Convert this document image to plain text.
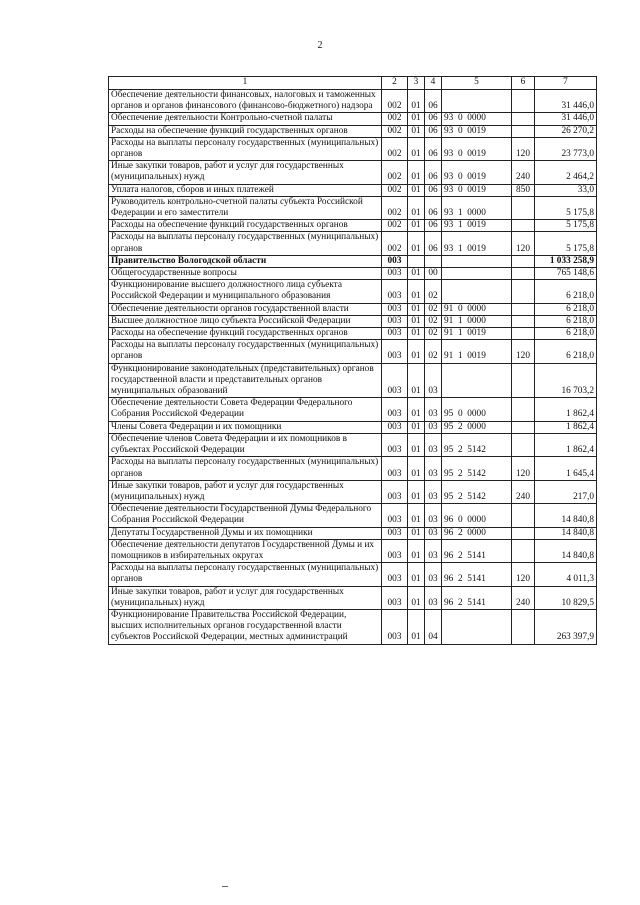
2
1	2	3	4	5	6	7
Обеспечение деятельности финансовых, налоговых и таможенных органов и органов финансового (финансово-бюджетного) надзора	002	01	06			31 446,0
Обеспечение деятельности Контрольно-счетной палаты	002	01	06	93  0  0000		31 446,0
Расходы на обеспечение функций государственных органов	002	01	06	93  0  0019		26 270,2
Расходы на выплаты персоналу государственных (муниципальных) органов	002	01	06	93  0  0019	120	23 773,0
Иные закупки товаров, работ и услуг для государственных (муниципальных) нужд	002	01	06	93  0  0019	240	2 464,2
Уплата налогов, сборов и иных платежей	002	01	06	93  0  0019	850	33,0
Руководитель контрольно-счетной палаты субъекта Российской Федерации и его заместители	002	01	06	93  1  0000		5 175,8
Расходы на обеспечение функций государственных органов	002	01	06	93  1  0019		5 175,8
Расходы на выплаты персоналу государственных (муниципальных) органов	002	01	06	93  1  0019	120	5 175,8
Правительство Вологодской области	003					1 033 258,9
Общегосударственные вопросы	003	01	00			765 148,6
Функционирование высшего должностного лица субъекта Российской Федерации и муниципального образования	003	01	02			6 218,0
Обеспечение деятельности органов государственной власти	003	01	02	91  0  0000		6 218,0
Высшее должностное лицо субъекта Российской Федерации	003	01	02	91  1  0000		6 218,0
Расходы на обеспечение функций государственных органов	003	01	02	91  1  0019		6 218,0
Расходы на выплаты персоналу государственных (муниципальных) органов	003	01	02	91  1  0019	120	6 218,0
Функционирование законодательных (представительных) органов государственной власти и представительных органов муниципальных образований	003	01	03			16 703,2
Обеспечение деятельности Совета Федерации Федерального Собрания Российской Федерации	003	01	03	95  0  0000		1 862,4
Члены Совета Федерации и их помощники	003	01	03	95  2  0000		1 862,4
Обеспечение членов Совета Федерации и их помощников в субъектах Российской Федерации	003	01	03	95  2  5142		1 862,4
Расходы на выплаты персоналу государственных (муниципальных) органов	003	01	03	95  2  5142	120	1 645,4
Иные закупки товаров, работ и услуг для государственных (муниципальных) нужд	003	01	03	95  2  5142	240	217,0
Обеспечение деятельности Государственной Думы Федерального Собрания Российской Федерации	003	01	03	96  0  0000		14 840,8
Депутаты Государственной Думы и их помощники	003	01	03	96  2  0000		14 840,8
Обеспечение деятельности депутатов Государственной Думы и их помощников в избирательных округах	003	01	03	96  2  5141		14 840,8
Расходы на выплаты персоналу государственных (муниципальных) органов	003	01	03	96  2  5141	120	4 011,3
Иные закупки товаров, работ и услуг для государственных (муниципальных) нужд	003	01	03	96  2  5141	240	10 829,5
Функционирование Правительства Российской Федерации, высших исполнительных органов государственной власти субъектов Российской Федерации, местных администраций	003	01	04			263 397,9
